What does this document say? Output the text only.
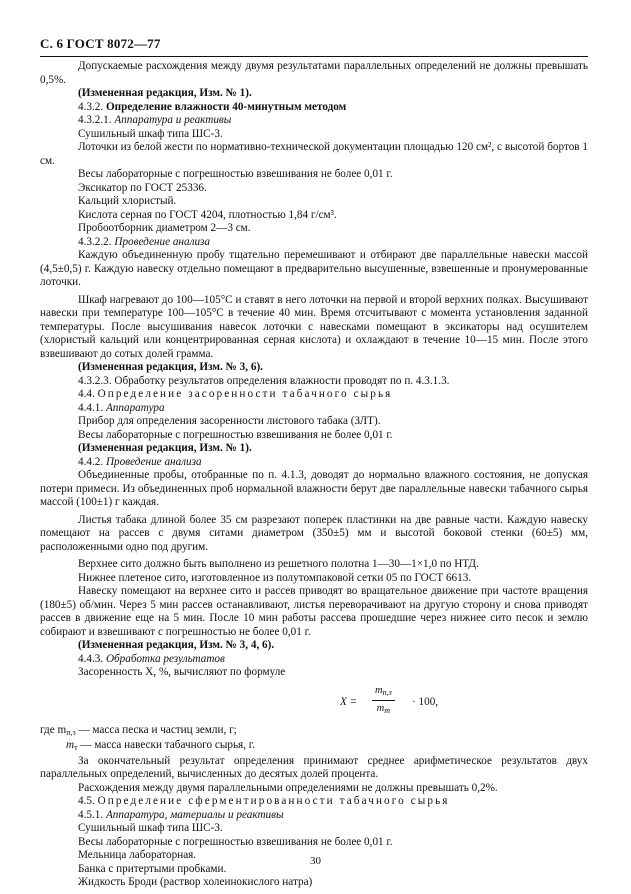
С. 6 ГОСТ 8072—77

Допускаемые расхождения между двумя результатами параллельных определений не должны превышать 0,5%.

(Измененная редакция, Изм. № 1).

4.3.2. Определение влажности 40-минутным методом

4.3.2.1. Аппаратура и реактивы

Сушильный шкаф типа ШС-3.

Лоточки из белой жести по нормативно-технической документации площадью 120 см², с высотой бортов 1 см.

Весы лабораторные с погрешностью взвешивания не более 0,01 г.

Эксикатор по ГОСТ 25336.

Кальций хлористый.

Кислота серная по ГОСТ 4204, плотностью 1,84 г/см³.

Пробоотборник диаметром 2—3 см.

4.3.2.2. Проведение анализа

Каждую объединенную пробу тщательно перемешивают и отбирают две параллельные навески массой (4,5±0,5) г. Каждую навеску отдельно помещают в предварительно высушенные, взвешенные и пронумерованные лоточки.

Шкаф нагревают до 100—105°С и ставят в него лоточки на первой и второй верхних полках. Высушивают навески при температуре 100—105°С в течение 40 мин. Время отсчитывают с момента установления заданной температуры. После высушивания навесок лоточки с навесками помещают в эксикаторы над осушителем (хлористый кальций или концентрированная серная кислота) и охлаждают в течение 10—15 мин. После этого взвешивают до сотых долей грамма.

(Измененная редакция, Изм. № 3, 6).

4.3.2.3. Обработку результатов определения влажности проводят по п. 4.3.1.3.

4.4. Определение засоренности табачного сырья

4.4.1. Аппаратура

Прибор для определения засоренности листового табака (ЗЛТ).

Весы лабораторные с погрешностью взвешивания не более 0,01 г.

(Измененная редакция, Изм. № 1).

4.4.2. Проведение анализа

Объединенные пробы, отобранные по п. 4.1.3, доводят до нормально влажного состояния, не допуская потери примеси. Из объединенных проб нормальной влажности берут две параллельные навески табачного сырья массой (100±1) г каждая.

Листья табака длиной более 35 см разрезают поперек пластинки на две равные части. Каждую навеску помещают на рассев с двумя ситами диаметром (350±5) мм и высотой боковой стенки (60±5) мм, расположенными одно под другим.

Верхнее сито должно быть выполнено из решетного полотна 1—30—1×1,0 по НТД.

Нижнее плетеное сито, изготовленное из полутомпаковой сетки 05 по ГОСТ 6613.

Навеску помещают на верхнее сито и рассев приводят во вращательное движение при частоте вращения (180±5) об/мин. Через 5 мин рассев останавливают, листья переворачивают на другую сторону и снова приводят рассев в движение еще на 5 мин. После 10 мин работы рассева прошедшие через нижнее сито песок и землю собирают и взвешивают с погрешностью не более 0,01 г.

(Измененная редакция, Изм. № 3, 4, 6).

4.4.3. Обработка результатов

Засоренность X, %, вычисляют по формуле

X =
$m_{п,з}$
$m_т$
· 100,

где $m_{п,з}$ — масса песка и частиц земли, г;

$m_т$ — масса навески табачного сырья, г.

За окончательный результат определения принимают среднее арифметическое результатов двух параллельных определений, вычисленных до десятых долей процента.

Расхождения между двумя параллельными определениями не должны превышать 0,2%.

4.5. Определение сферментированности табачного сырья

4.5.1. Аппаратура, материалы и реактивы

Сушильный шкаф типа ШС-3.

Весы лабораторные с погрешностью взвешивания не более 0,01 г.

Мельница лабораторная.

Банка с притертыми пробками.

Жидкость Броди (раствор холеинокислого натра)

30
